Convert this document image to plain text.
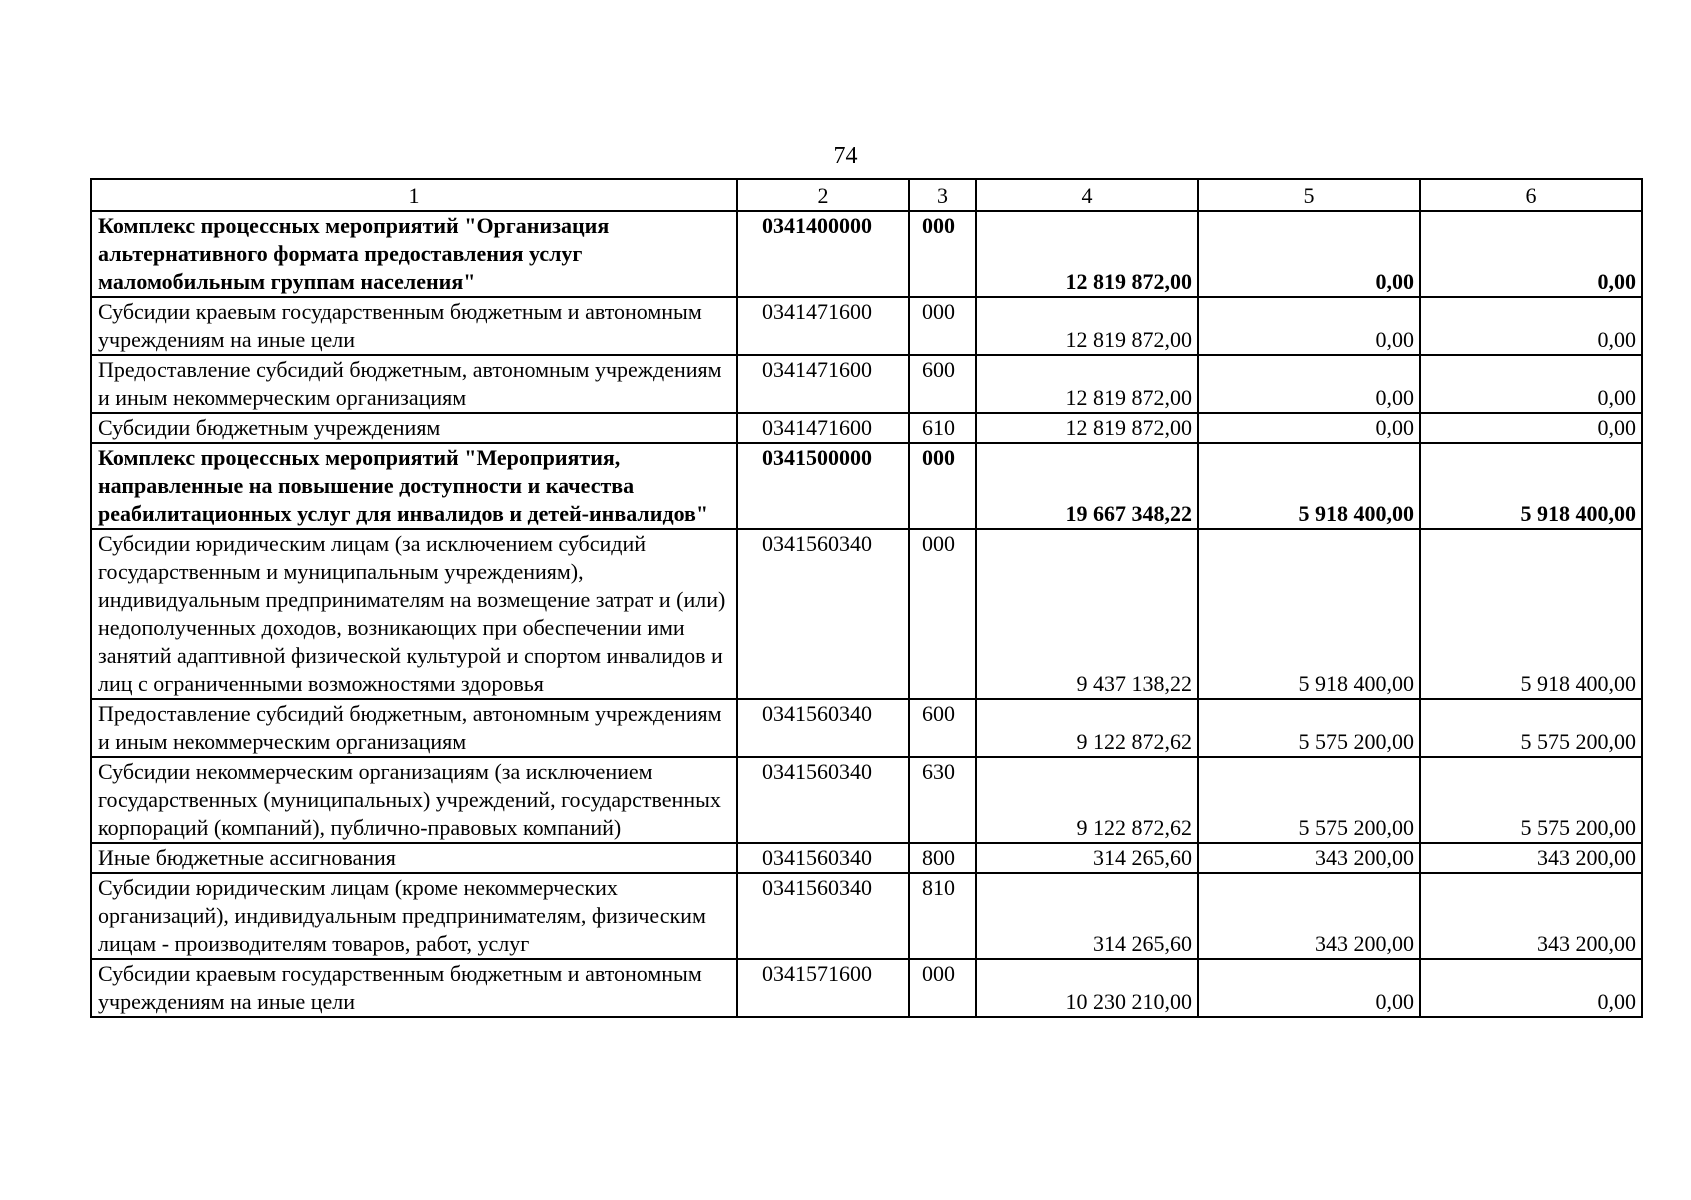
74
1	2	3	4	5	6
Комплекс процессных мероприятий "Организация альтернативного формата предоставления услуг маломобильным группам населения"	0341400000	000	12 819 872,00	0,00	0,00
Субсидии краевым государственным бюджетным и автономным учреждениям на иные цели	0341471600	000	12 819 872,00	0,00	0,00
Предоставление субсидий бюджетным, автономным учреждениям и иным некоммерческим организациям	0341471600	600	12 819 872,00	0,00	0,00
Субсидии бюджетным учреждениям	0341471600	610	12 819 872,00	0,00	0,00
Комплекс процессных мероприятий "Мероприятия, направленные на повышение доступности и качества реабилитационных услуг для инвалидов и детей-инвалидов"	0341500000	000	19 667 348,22	5 918 400,00	5 918 400,00
Субсидии юридическим лицам (за исключением субсидий государственным и муниципальным учреждениям), индивидуальным предпринимателям на возмещение затрат и (или) недополученных доходов, возникающих при обеспечении ими занятий адаптивной физической культурой и спортом инвалидов и лиц с ограниченными возможностями здоровья	0341560340	000	9 437 138,22	5 918 400,00	5 918 400,00
Предоставление субсидий бюджетным, автономным учреждениям и иным некоммерческим организациям	0341560340	600	9 122 872,62	5 575 200,00	5 575 200,00
Субсидии некоммерческим организациям (за исключением государственных (муниципальных) учреждений, государственных корпораций (компаний), публично-правовых компаний)	0341560340	630	9 122 872,62	5 575 200,00	5 575 200,00
Иные бюджетные ассигнования	0341560340	800	314 265,60	343 200,00	343 200,00
Субсидии юридическим лицам (кроме некоммерческих организаций), индивидуальным предпринимателям, физическим лицам - производителям товаров, работ, услуг	0341560340	810	314 265,60	343 200,00	343 200,00
Субсидии краевым государственным бюджетным и автономным учреждениям на иные цели	0341571600	000	10 230 210,00	0,00	0,00
